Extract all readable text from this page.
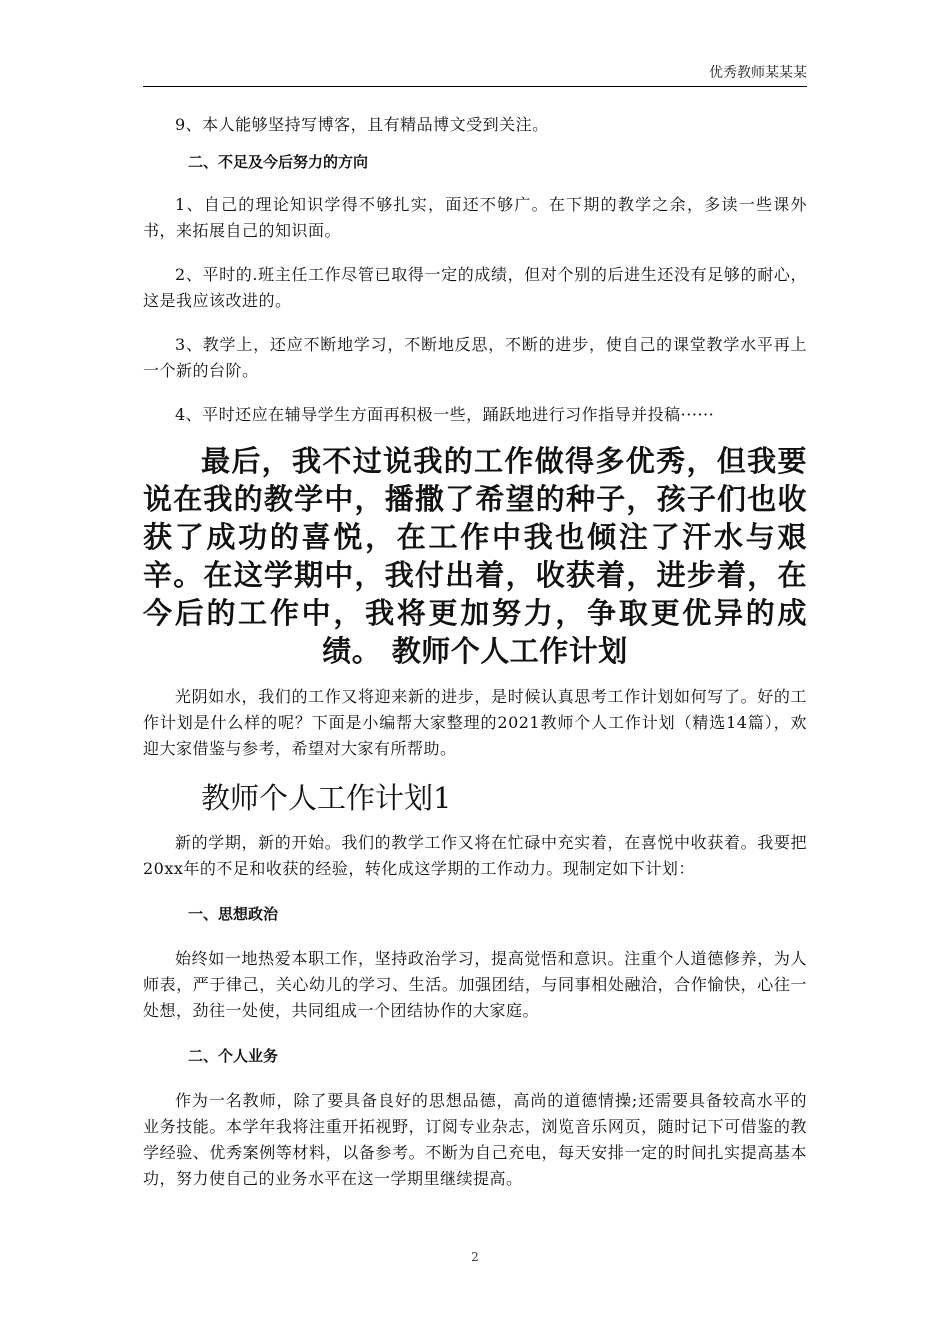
优秀教师某某某

9、本人能够坚持写博客，且有精品博文受到关注。

二、不足及今后努力的方向

1、自己的理论知识学得不够扎实，面还不够广。在下期的教学之余，多读一些课外书，来拓展自己的知识面。

2、平时的.班主任工作尽管已取得一定的成绩，但对个别的后进生还没有足够的耐心，这是我应该改进的。

3、教学上，还应不断地学习，不断地反思，不断的进步，使自己的课堂教学水平再上一个新的台阶。

4、平时还应在辅导学生方面再积极一些，踊跃地进行习作指导并投稿······

最后，我不过说我的工作做得多优秀，但我要说在我的教学中，播撒了希望的种子，孩子们也收获了成功的喜悦，在工作中我也倾注了汗水与艰辛。在这学期中，我付出着，收获着，进步着，在今后的工作中，我将更加努力，争取更优异的成绩。 教师个人工作计划

光阴如水，我们的工作又将迎来新的进步，是时候认真思考工作计划如何写了。好的工作计划是什么样的呢？下面是小编帮大家整理的2021教师个人工作计划（精选14篇），欢迎大家借鉴与参考，希望对大家有所帮助。

教师个人工作计划1

新的学期，新的开始。我们的教学工作又将在忙碌中充实着，在喜悦中收获着。我要把20xx年的不足和收获的经验，转化成这学期的工作动力。现制定如下计划：

一、思想政治

始终如一地热爱本职工作，坚持政治学习，提高觉悟和意识。注重个人道德修养，为人师表，严于律己，关心幼儿的学习、生活。加强团结，与同事相处融洽，合作愉快，心往一处想，劲往一处使，共同组成一个团结协作的大家庭。

二、个人业务

作为一名教师，除了要具备良好的思想品德，高尚的道德情操;还需要具备较高水平的业务技能。本学年我将注重开拓视野，订阅专业杂志，浏览音乐网页，随时记下可借鉴的教学经验、优秀案例等材料，以备参考。不断为自己充电，每天安排一定的时间扎实提高基本功，努力使自己的业务水平在这一学期里继续提高。

2
